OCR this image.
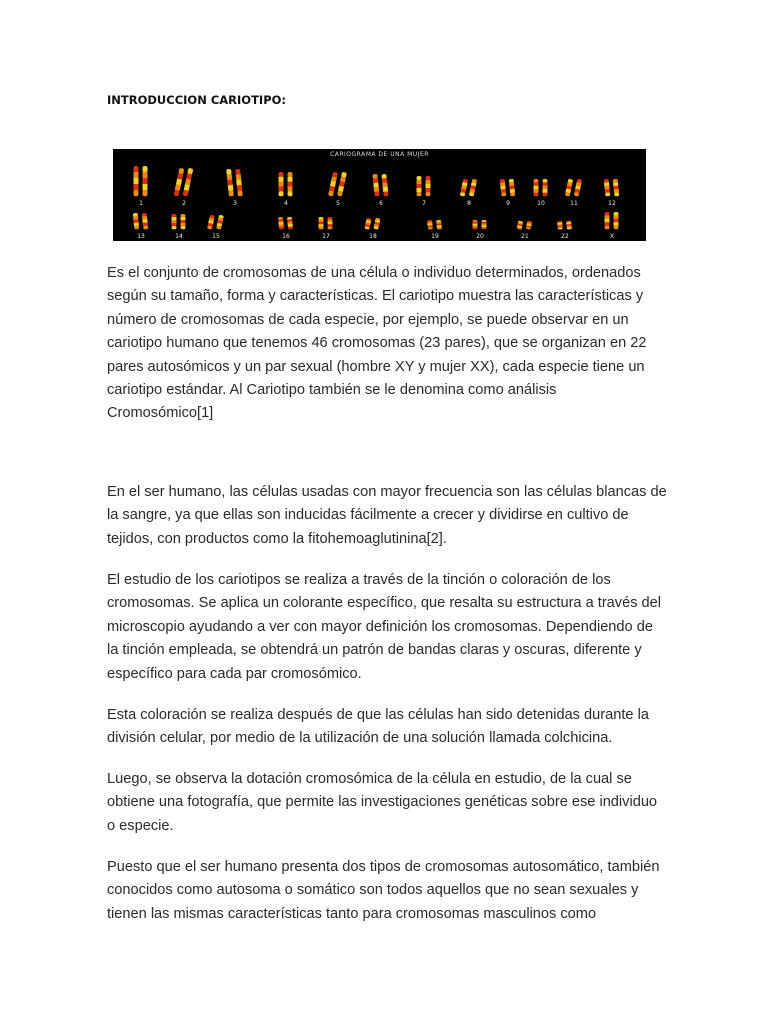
INTRODUCCION CARIOTIPO:
CARIOGRAMA DE UNA MUJER
1	2	3	4	5	6	7	8	9	10	11	12
13	14	15	16	17	18	19	20	21	22	X

Es el conjunto de cromosomas de una célula o individuo determinados, ordenados
según su tamaño, forma y características. El cariotipo muestra las características y
número de cromosomas de cada especie, por ejemplo, se puede observar en un
cariotipo humano que tenemos 46 cromosomas (23 pares), que se organizan en 22
pares autosómicos y un par sexual (hombre XY y mujer XX), cada especie tiene un
cariotipo estándar. Al Cariotipo también se le denomina como análisis
Cromosómico[1]

En el ser humano, las células usadas con mayor frecuencia son las células blancas de
la sangre, ya que ellas son inducidas fácilmente a crecer y dividirse en cultivo de
tejidos, con productos como la fitohemoaglutinina[2].

El estudio de los cariotipos se realiza a través de la tinción o coloración de los
cromosomas. Se aplica un colorante específico, que resalta su estructura a través del
microscopio ayudando a ver con mayor definición los cromosomas. Dependiendo de
la tinción empleada, se obtendrá un patrón de bandas claras y oscuras, diferente y
específico para cada par cromosómico.

Esta coloración se realiza después de que las células han sido detenidas durante la
división celular, por medio de la utilización de una solución llamada colchicina.

Luego, se observa la dotación cromosómica de la célula en estudio, de la cual se
obtiene una fotografía, que permite las investigaciones genéticas sobre ese individuo
o especie.

Puesto que el ser humano presenta dos tipos de cromosomas autosomático, también
conocidos como autosoma o somático son todos aquellos que no sean sexuales y
tienen las mismas características tanto para cromosomas masculinos como
